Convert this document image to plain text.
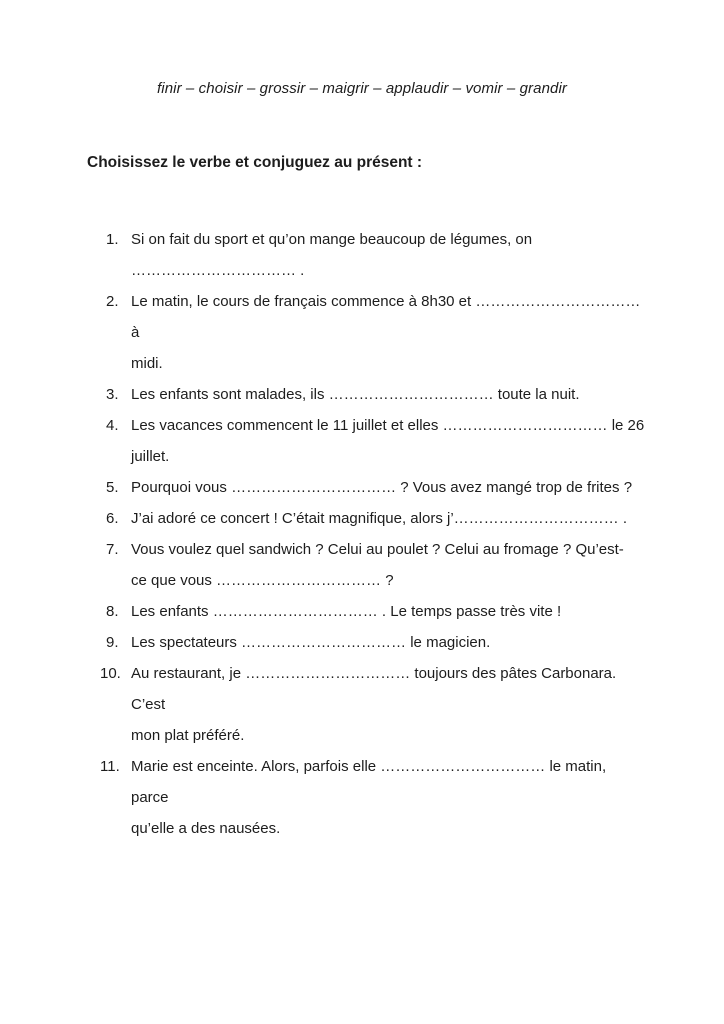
finir – choisir – grossir – maigrir – applaudir – vomir – grandir
Choisissez le verbe et conjuguez au présent :
1. Si on fait du sport et qu’on mange beaucoup de légumes, on
…………………………… .
2. Le matin, le cours de français commence à 8h30 et …………………………… à
midi.
3. Les enfants sont malades, ils …………………………… toute la nuit.
4. Les vacances commencent le 11 juillet et elles …………………………… le 26
juillet.
5. Pourquoi vous …………………………… ? Vous avez mangé trop de frites ?
6. J’ai adoré ce concert ! C’était magnifique, alors j’…………………………… .
7. Vous voulez quel sandwich ? Celui au poulet ? Celui au fromage ? Qu’est-
ce que vous …………………………… ?
8. Les enfants …………………………… . Le temps passe très vite !
9. Les spectateurs …………………………… le magicien.
10. Au restaurant, je …………………………… toujours des pâtes Carbonara. C’est
mon plat préféré.
11. Marie est enceinte. Alors, parfois elle …………………………… le matin, parce
qu’elle a des nausées.
